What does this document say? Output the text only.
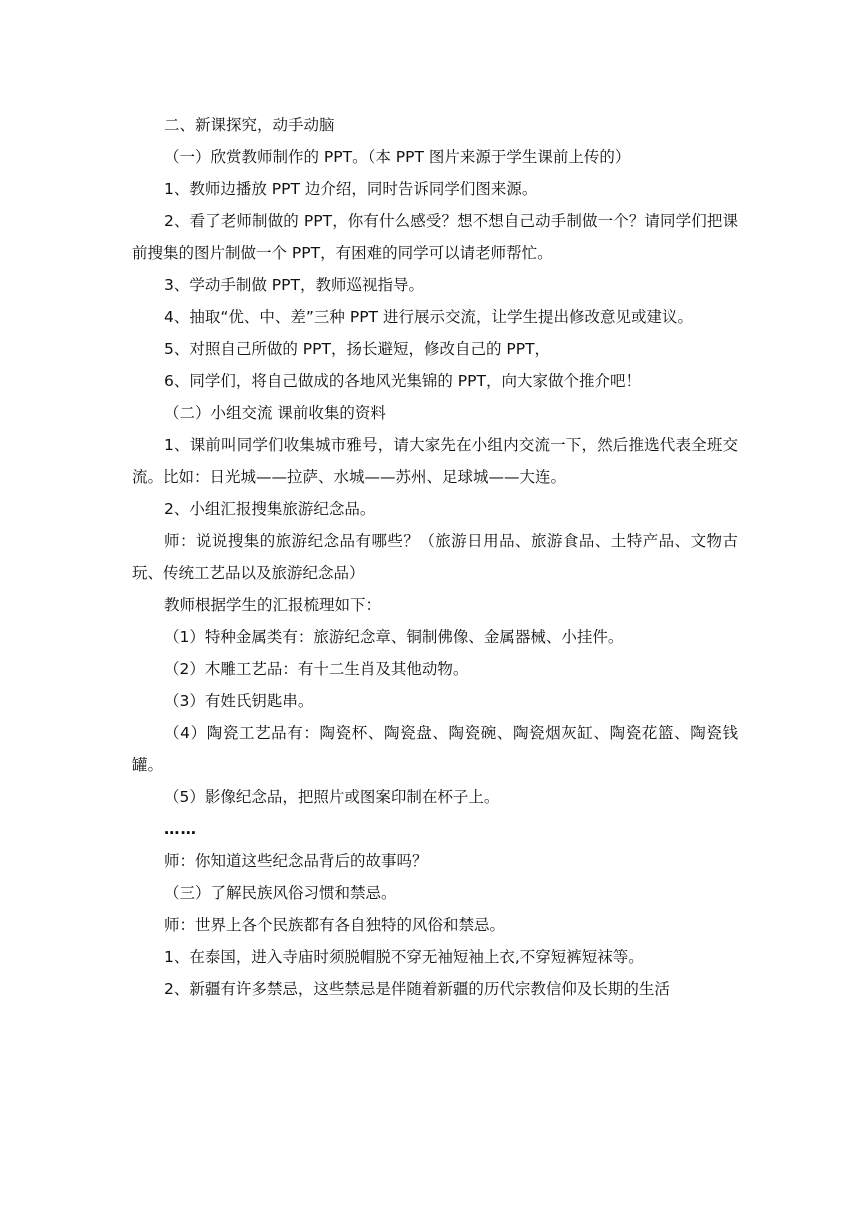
二、新课探究，动手动脑

（一）欣赏教师制作的 PPT。（本 PPT 图片来源于学生课前上传的）

1、教师边播放 PPT 边介绍，同时告诉同学们图来源。

2、看了老师制做的 PPT，你有什么感受？想不想自己动手制做一个？请同学们把课前搜集的图片制做一个 PPT，有困难的同学可以请老师帮忙。

3、学动手制做 PPT，教师巡视指导。

4、抽取“优、中、差”三种 PPT 进行展示交流，让学生提出修改意见或建议。

5、对照自己所做的 PPT，扬长避短，修改自己的 PPT，

6、同学们，将自己做成的各地风光集锦的 PPT，向大家做个推介吧！

（二）小组交流 课前收集的资料

1、课前叫同学们收集城市雅号，请大家先在小组内交流一下，然后推选代表全班交流。比如：日光城——拉萨、水城——苏州、足球城——大连。

2、小组汇报搜集旅游纪念品。

师：说说搜集的旅游纪念品有哪些？（旅游日用品、旅游食品、土特产品、文物古玩、传统工艺品以及旅游纪念品）

教师根据学生的汇报梳理如下：

（1）特种金属类有：旅游纪念章、铜制佛像、金属器械、小挂件。

（2）木雕工艺品：有十二生肖及其他动物。

（3）有姓氏钥匙串。

（4）陶瓷工艺品有：陶瓷杯、陶瓷盘、陶瓷碗、陶瓷烟灰缸、陶瓷花篮、陶瓷钱罐。

（5）影像纪念品，把照片或图案印制在杯子上。

……

师：你知道这些纪念品背后的故事吗？

（三）了解民族风俗习惯和禁忌。

师：世界上各个民族都有各自独特的风俗和禁忌。

1、在泰国，进入寺庙时须脱帽脱不穿无袖短袖上衣,不穿短裤短袜等。

2、新疆有许多禁忌，这些禁忌是伴随着新疆的历代宗教信仰及长期的生活
